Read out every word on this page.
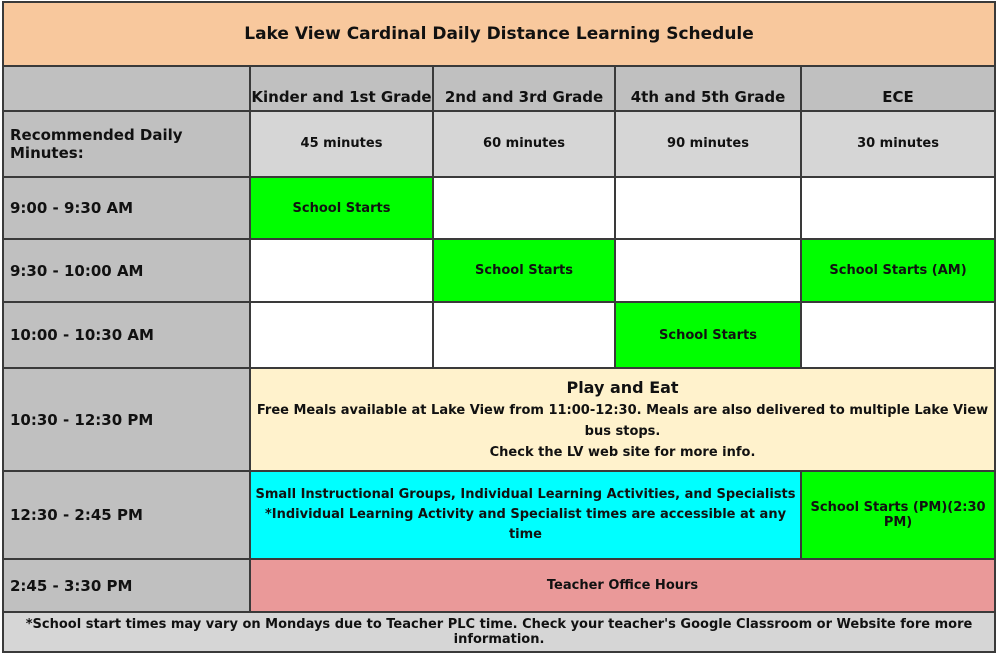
Lake View Cardinal Daily Distance Learning Schedule				
	Kinder and 1st Grade	2nd and 3rd Grade	4th and 5th Grade	ECE
Recommended Daily Minutes:	45 minutes	60 minutes	90 minutes	30 minutes
9:00 - 9:30 AM	School Starts			
9:30 - 10:00 AM		School Starts		School Starts (AM)
10:00 - 10:30 AM			School Starts	
10:30 - 12:30 PM	Play and Eat
Free Meals available at Lake View from 11:00-12:30. Meals are also delivered to multiple Lake View bus stops.
Check the LV web site for more info.			
12:30 - 2:45 PM	Small Instructional Groups, Individual Learning Activities, and Specialists
*Individual Learning Activity and Specialist times are accessible at any time			School Starts (PM)(2:30 PM)
2:45 - 3:30 PM	Teacher Office Hours			
*School start times may vary on Mondays due to Teacher PLC time. Check your teacher's Google Classroom or Website fore more information.				
